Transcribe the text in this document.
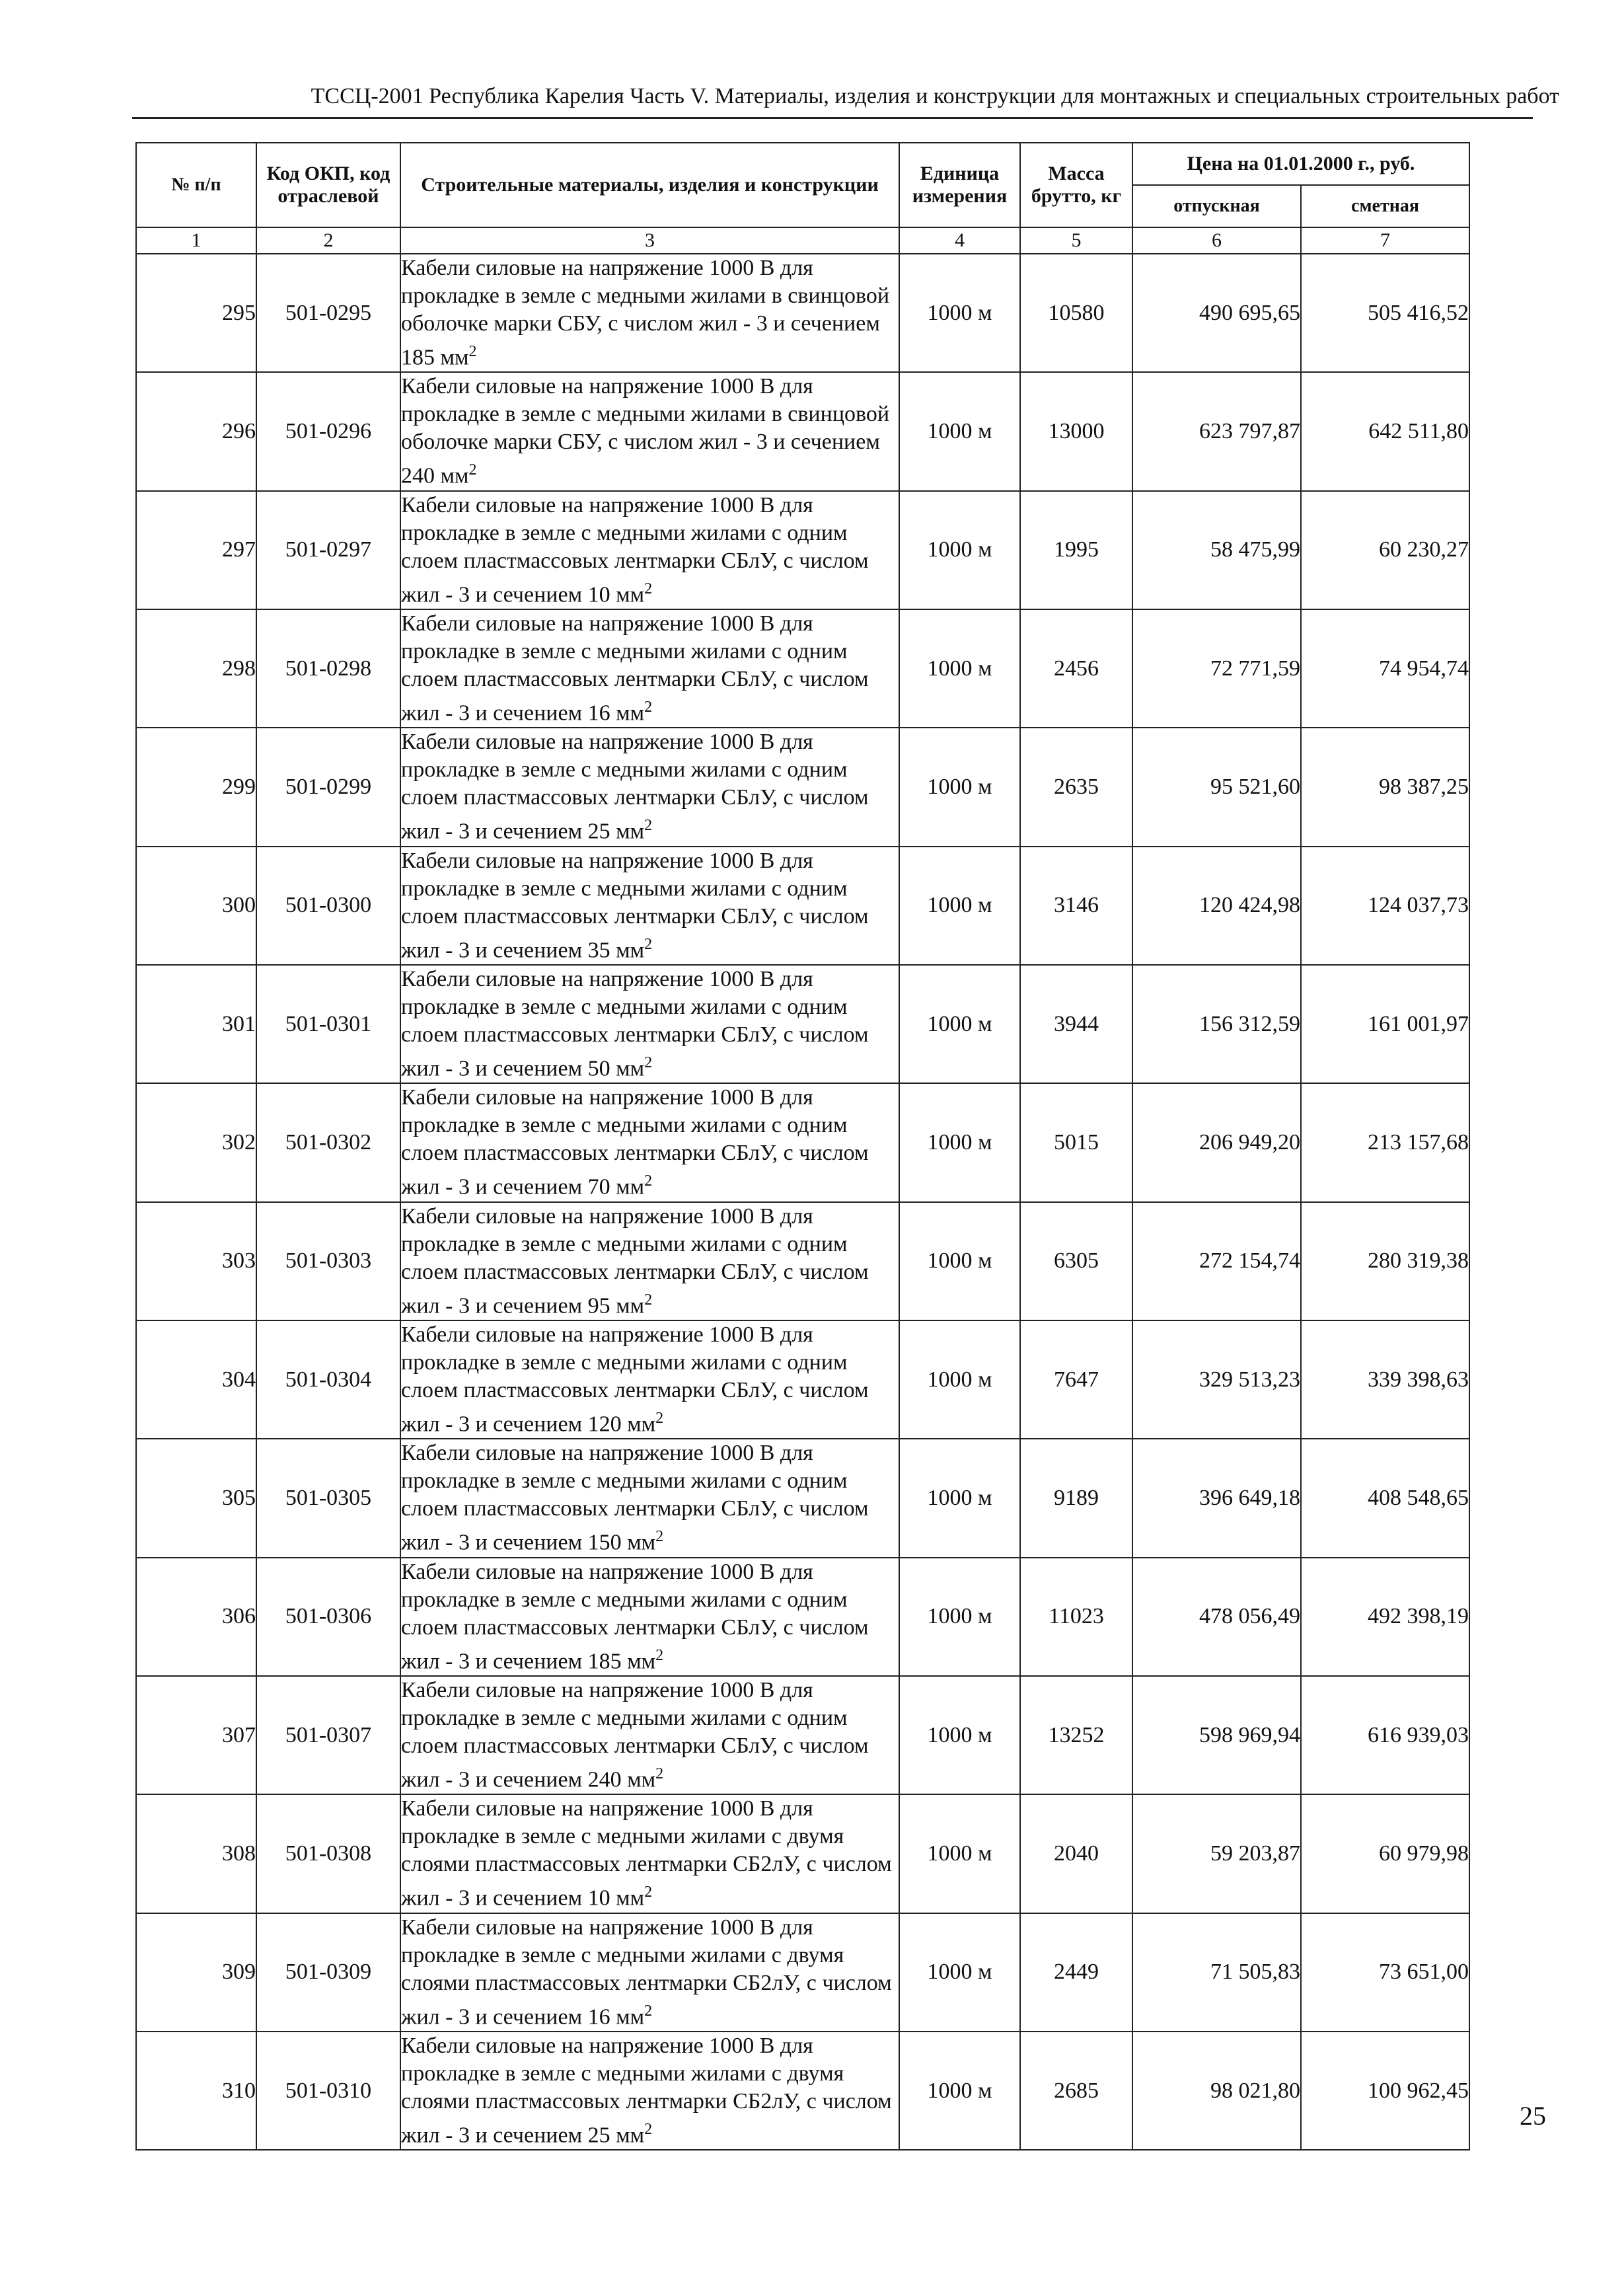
ТССЦ-2001 Республика Карелия Часть V. Материалы, изделия и конструкции для монтажных и специальных строительных работ
№ п/п	Код ОКП, код отраслевой	Строительные материалы, изделия и конструкции	Единица измерения	Масса брутто, кг	Цена на 01.01.2000 г., руб.	
					отпускная	сметная
1	2	3	4	5	6	7
295	501-0295	Кабели силовые на напряжение 1000 В для прокладке в земле с медными жилами в свинцовой оболочке марки СБУ, с числом жил - 3 и сечением 185 $мм^2$	1000 м	10580	490 695,65	505 416,52
296	501-0296	Кабели силовые на напряжение 1000 В для прокладке в земле с медными жилами в свинцовой оболочке марки СБУ, с числом жил - 3 и сечением 240 $мм^2$	1000 м	13000	623 797,87	642 511,80
297	501-0297	Кабели силовые на напряжение 1000 В для прокладке в земле с медными жилами с одним слоем пластмассовых лентмарки СБлУ, с числом жил - 3 и сечением 10 $мм^2$	1000 м	1995	58 475,99	60 230,27
298	501-0298	Кабели силовые на напряжение 1000 В для прокладке в земле с медными жилами с одним слоем пластмассовых лентмарки СБлУ, с числом жил - 3 и сечением 16 $мм^2$	1000 м	2456	72 771,59	74 954,74
299	501-0299	Кабели силовые на напряжение 1000 В для прокладке в земле с медными жилами с одним слоем пластмассовых лентмарки СБлУ, с числом жил - 3 и сечением 25 $мм^2$	1000 м	2635	95 521,60	98 387,25
300	501-0300	Кабели силовые на напряжение 1000 В для прокладке в земле с медными жилами с одним слоем пластмассовых лентмарки СБлУ, с числом жил - 3 и сечением 35 $мм^2$	1000 м	3146	120 424,98	124 037,73
301	501-0301	Кабели силовые на напряжение 1000 В для прокладке в земле с медными жилами с одним слоем пластмассовых лентмарки СБлУ, с числом жил - 3 и сечением 50 $мм^2$	1000 м	3944	156 312,59	161 001,97
302	501-0302	Кабели силовые на напряжение 1000 В для прокладке в земле с медными жилами с одним слоем пластмассовых лентмарки СБлУ, с числом жил - 3 и сечением 70 $мм^2$	1000 м	5015	206 949,20	213 157,68
303	501-0303	Кабели силовые на напряжение 1000 В для прокладке в земле с медными жилами с одним слоем пластмассовых лентмарки СБлУ, с числом жил - 3 и сечением 95 $мм^2$	1000 м	6305	272 154,74	280 319,38
304	501-0304	Кабели силовые на напряжение 1000 В для прокладке в земле с медными жилами с одним слоем пластмассовых лентмарки СБлУ, с числом жил - 3 и сечением 120 $мм^2$	1000 м	7647	329 513,23	339 398,63
305	501-0305	Кабели силовые на напряжение 1000 В для прокладке в земле с медными жилами с одним слоем пластмассовых лентмарки СБлУ, с числом жил - 3 и сечением 150 $мм^2$	1000 м	9189	396 649,18	408 548,65
306	501-0306	Кабели силовые на напряжение 1000 В для прокладке в земле с медными жилами с одним слоем пластмассовых лентмарки СБлУ, с числом жил - 3 и сечением 185 $мм^2$	1000 м	11023	478 056,49	492 398,19
307	501-0307	Кабели силовые на напряжение 1000 В для прокладке в земле с медными жилами с одним слоем пластмассовых лентмарки СБлУ, с числом жил - 3 и сечением 240 $мм^2$	1000 м	13252	598 969,94	616 939,03
308	501-0308	Кабели силовые на напряжение 1000 В для прокладке в земле с медными жилами с двумя слоями пластмассовых лентмарки СБ2лУ, с числом жил - 3 и сечением 10 $мм^2$	1000 м	2040	59 203,87	60 979,98
309	501-0309	Кабели силовые на напряжение 1000 В для прокладке в земле с медными жилами с двумя слоями пластмассовых лентмарки СБ2лУ, с числом жил - 3 и сечением 16 $мм^2$	1000 м	2449	71 505,83	73 651,00
310	501-0310	Кабели силовые на напряжение 1000 В для прокладке в земле с медными жилами с двумя слоями пластмассовых лентмарки СБ2лУ, с числом жил - 3 и сечением 25 $мм^2$	1000 м	2685	98 021,80	100 962,45
25
